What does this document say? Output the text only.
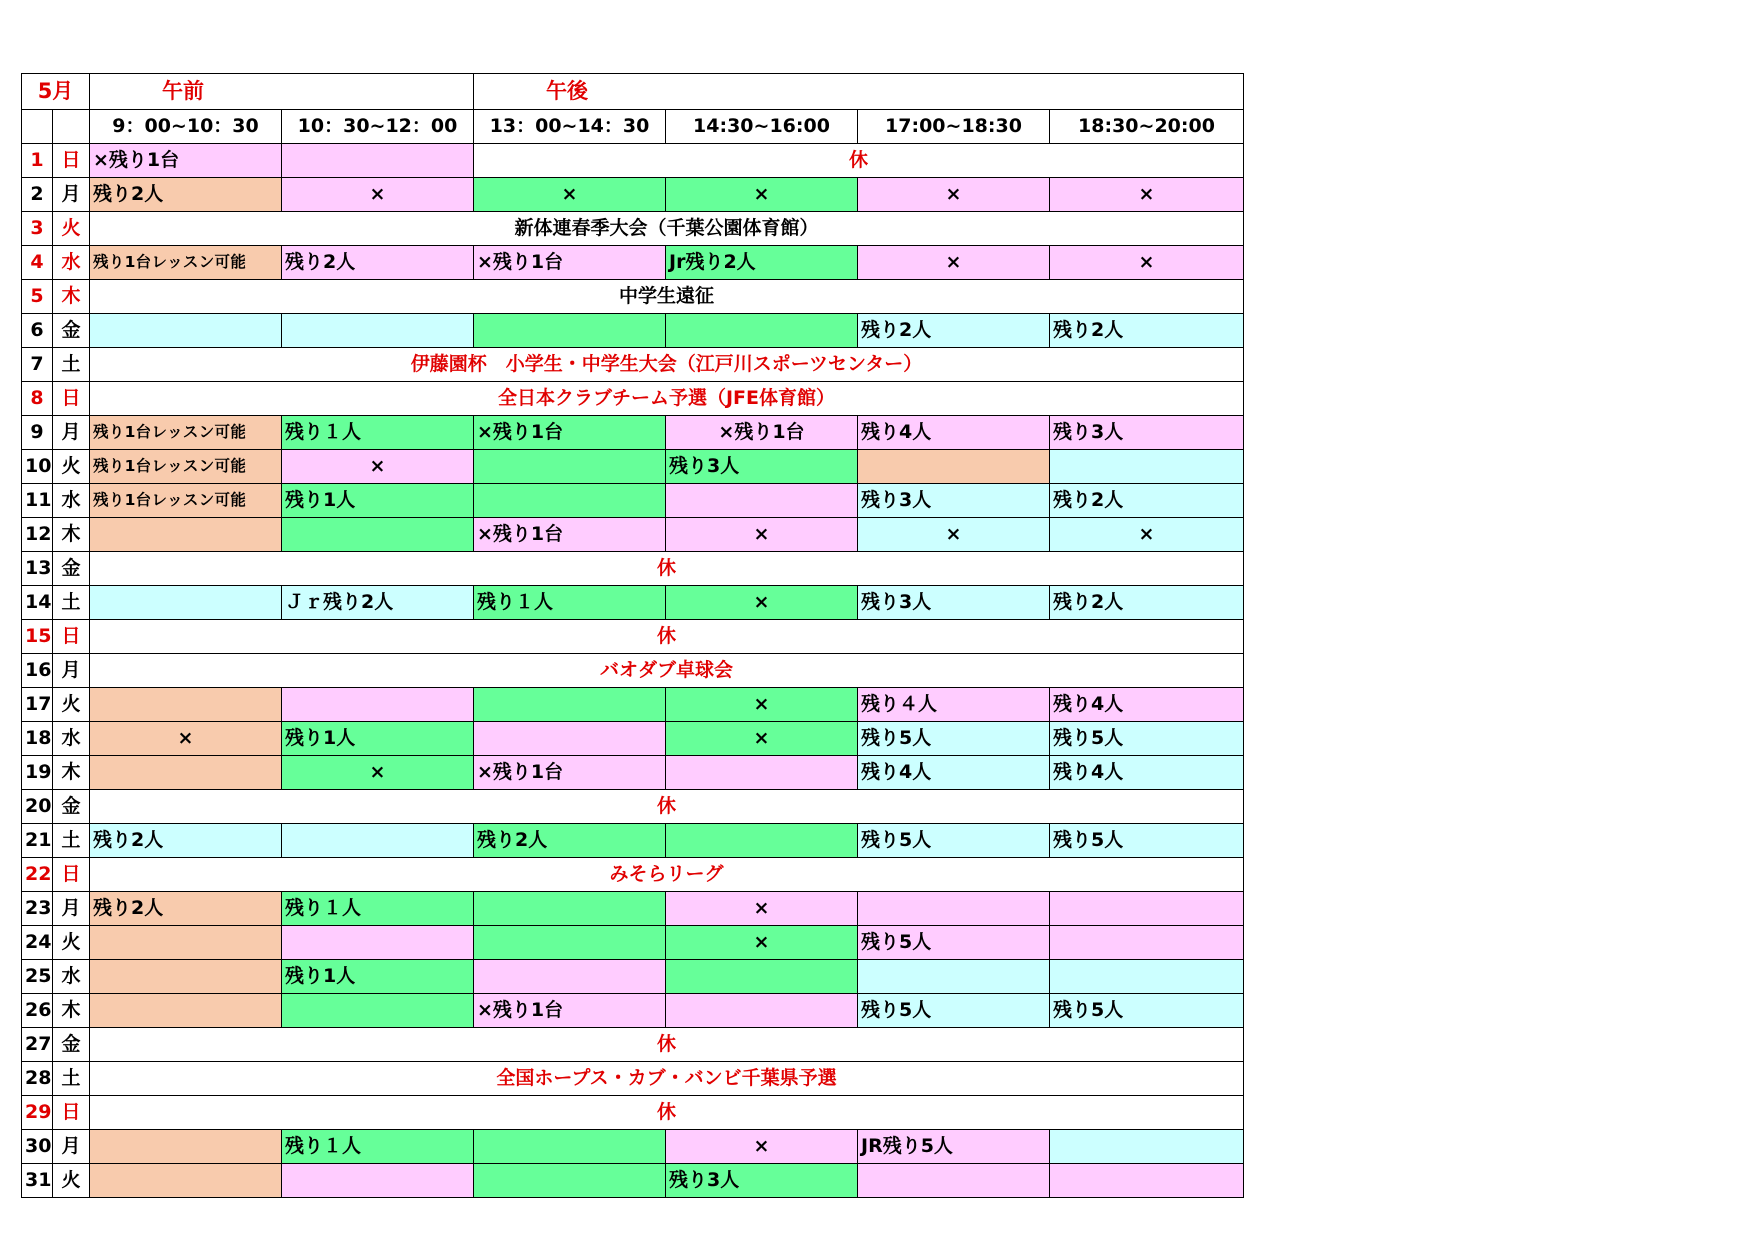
5月		午前		午後			
		9：00~10：30	10：30~12：00	13：00~14：30	14:30~16:00	17:00~18:30	18:30~20:00
1	日	×残り1台		休			
2	月	残り2人	×	×	×	×	×
3	火	新体連春季大会（千葉公園体育館）					
4	水	残り1台レッスン可能	残り2人	×残り1台	Jr残り2人	×	×
5	木	中学生遠征					
6	金					残り2人	残り2人
7	土	伊藤園杯　小学生・中学生大会（江戸川スポーツセンター）					
8	日	全日本クラブチーム予選（JFE体育館）					
9	月	残り1台レッスン可能	残り１人	×残り1台	×残り1台	残り4人	残り3人
10	火	残り1台レッスン可能	×		残り3人		
11	水	残り1台レッスン可能	残り1人			残り3人	残り2人
12	木			×残り1台	×	×	×
13	金	休					
14	土		Ｊｒ残り2人	残り１人	×	残り3人	残り2人
15	日	休					
16	月	バオダブ卓球会					
17	火				×	残り４人	残り4人
18	水	×	残り1人		×	残り5人	残り5人
19	木		×	×残り1台		残り4人	残り4人
20	金	休					
21	土	残り2人		残り2人		残り5人	残り5人
22	日	みそらリーグ					
23	月	残り2人	残り１人		×		
24	火				×	残り5人	
25	水		残り1人				
26	木			×残り1台		残り5人	残り5人
27	金	休					
28	土	全国ホープス・カブ・バンビ千葉県予選					
29	日	休					
30	月		残り１人		×	JR残り5人	
31	火				残り3人		
